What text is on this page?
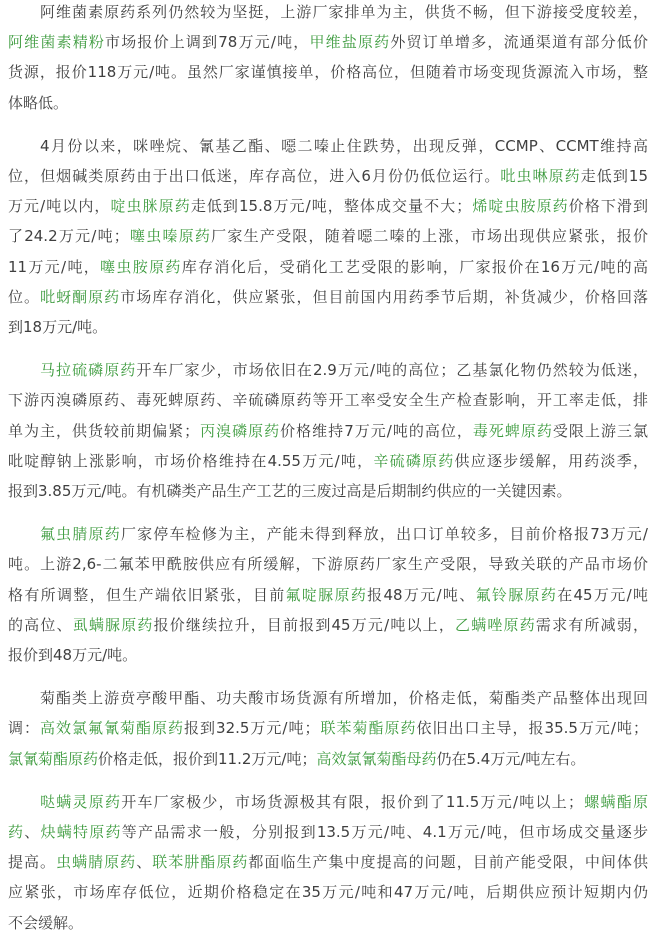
阿维菌素原药系列仍然较为坚挺，上游厂家排单为主，供货不畅，但下游接受度较差，
阿维菌素精粉市场报价上调到78万元/吨，甲维盐原药外贸订单增多，流通渠道有部分低价
货源，报价118万元/吨。虽然厂家谨慎接单，价格高位，但随着市场变现货源流入市场，整
体略低。
4月份以来，咪唑烷、氰基乙酯、噁二嗪止住跌势，出现反弹，CCMP、CCMT维持高
位，但烟碱类原药由于出口低迷，库存高位，进入6月份仍低位运行。吡虫啉原药走低到15
万元/吨以内，啶虫脒原药走低到15.8万元/吨，整体成交量不大；烯啶虫胺原药价格下滑到
了24.2万元/吨；噻虫嗪原药厂家生产受限，随着噁二嗪的上涨，市场出现供应紧张，报价
11万元/吨，噻虫胺原药库存消化后，受硝化工艺受限的影响，厂家报价在16万元/吨的高
位。吡蚜酮原药市场库存消化，供应紧张，但目前国内用药季节后期，补货减少，价格回落
到18万元/吨。
马拉硫磷原药开车厂家少，市场依旧在2.9万元/吨的高位；乙基氯化物仍然较为低迷，
下游丙溴磷原药、毒死蜱原药、辛硫磷原药等开工率受安全生产检查影响，开工率走低，排
单为主，供货较前期偏紧；丙溴磷原药价格维持7万元/吨的高位，毒死蜱原药受限上游三氯
吡啶醇钠上涨影响，市场价格维持在4.55万元/吨，辛硫磷原药供应逐步缓解，用药淡季，
报到3.85万元/吨。有机磷类产品生产工艺的三废过高是后期制约供应的一关键因素。
氟虫腈原药厂家停车检修为主，产能未得到释放，出口订单较多，目前价格报73万元/
吨。上游2,6-二氟苯甲酰胺供应有所缓解，下游原药厂家生产受限，导致关联的产品市场价
格有所调整，但生产端依旧紧张，目前氟啶脲原药报48万元/吨、氟铃脲原药在45万元/吨
的高位、虱螨脲原药报价继续拉升，目前报到45万元/吨以上，乙螨唑原药需求有所减弱，
报价到48万元/吨。
菊酯类上游贲亭酸甲酯、功夫酸市场货源有所增加，价格走低，菊酯类产品整体出现回
调：高效氯氟氰菊酯原药报到32.5万元/吨；联苯菊酯原药依旧出口主导，报35.5万元/吨；
氯氰菊酯原药价格走低，报价到11.2万元/吨；高效氯氰菊酯母药仍在5.4万元/吨左右。
哒螨灵原药开车厂家极少，市场货源极其有限，报价到了11.5万元/吨以上；螺螨酯原
药、炔螨特原药等产品需求一般，分别报到13.5万元/吨、4.1万元/吨，但市场成交量逐步
提高。虫螨腈原药、联苯肼酯原药都面临生产集中度提高的问题，目前产能受限，中间体供
应紧张，市场库存低位，近期价格稳定在35万元/吨和47万元/吨，后期供应预计短期内仍
不会缓解。
